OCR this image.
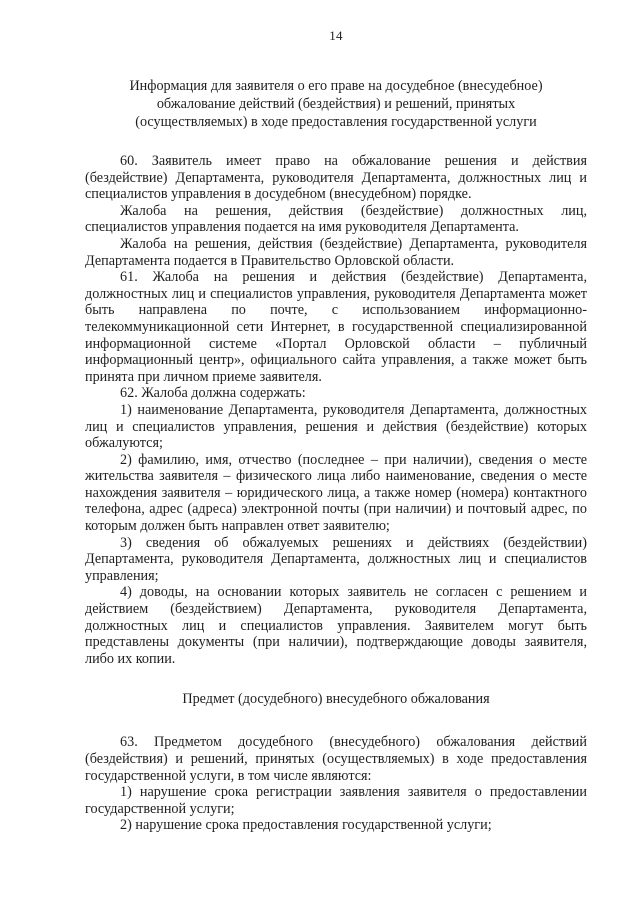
14
Информация для заявителя о его праве на досудебное (внесудебное)
обжалование действий (бездействия) и решений, принятых
(осуществляемых) в ходе предоставления государственной услуги

60. Заявитель имеет право на обжалование решения и действия (бездействие) Департамента, руководителя Департамента, должностных лиц и специалистов управления в досудебном (внесудебном) порядке.

Жалоба на решения, действия (бездействие) должностных лиц, специалистов управления подается на имя руководителя Департамента.

Жалоба на решения, действия (бездействие) Департамента, руководителя Департамента подается в Правительство Орловской области.

61. Жалоба на решения и действия (бездействие) Департамента, должностных лиц и специалистов управления, руководителя Департамента может быть направлена по почте, с использованием информационно-телекоммуникационной сети Интернет, в государственной специализированной информационной системе «Портал Орловской области – публичный информационный центр», официального сайта управления, а также может быть принята при личном приеме заявителя.

62. Жалоба должна содержать:

1) наименование Департамента, руководителя Департамента, должностных лиц и специалистов управления, решения и действия (бездействие) которых обжалуются;

2) фамилию, имя, отчество (последнее – при наличии), сведения о месте жительства заявителя – физического лица либо наименование, сведения о месте нахождения заявителя – юридического лица, а также номер (номера) контактного телефона, адрес (адреса) электронной почты (при наличии) и почтовый адрес, по которым должен быть направлен ответ заявителю;

3) сведения об обжалуемых решениях и действиях (бездействии) Департамента, руководителя Департамента, должностных лиц и специалистов управления;

4) доводы, на основании которых заявитель не согласен с решением и действием (бездействием) Департамента, руководителя Департамента, должностных лиц и специалистов управления. Заявителем могут быть представлены документы (при наличии), подтверждающие доводы заявителя, либо их копии.

Предмет (досудебного) внесудебного обжалования

63. Предметом досудебного (внесудебного) обжалования действий (бездействия) и решений, принятых (осуществляемых) в ходе предоставления государственной услуги, в том числе являются:

1) нарушение срока регистрации заявления заявителя о предоставлении государственной услуги;

2) нарушение срока предоставления государственной услуги;
